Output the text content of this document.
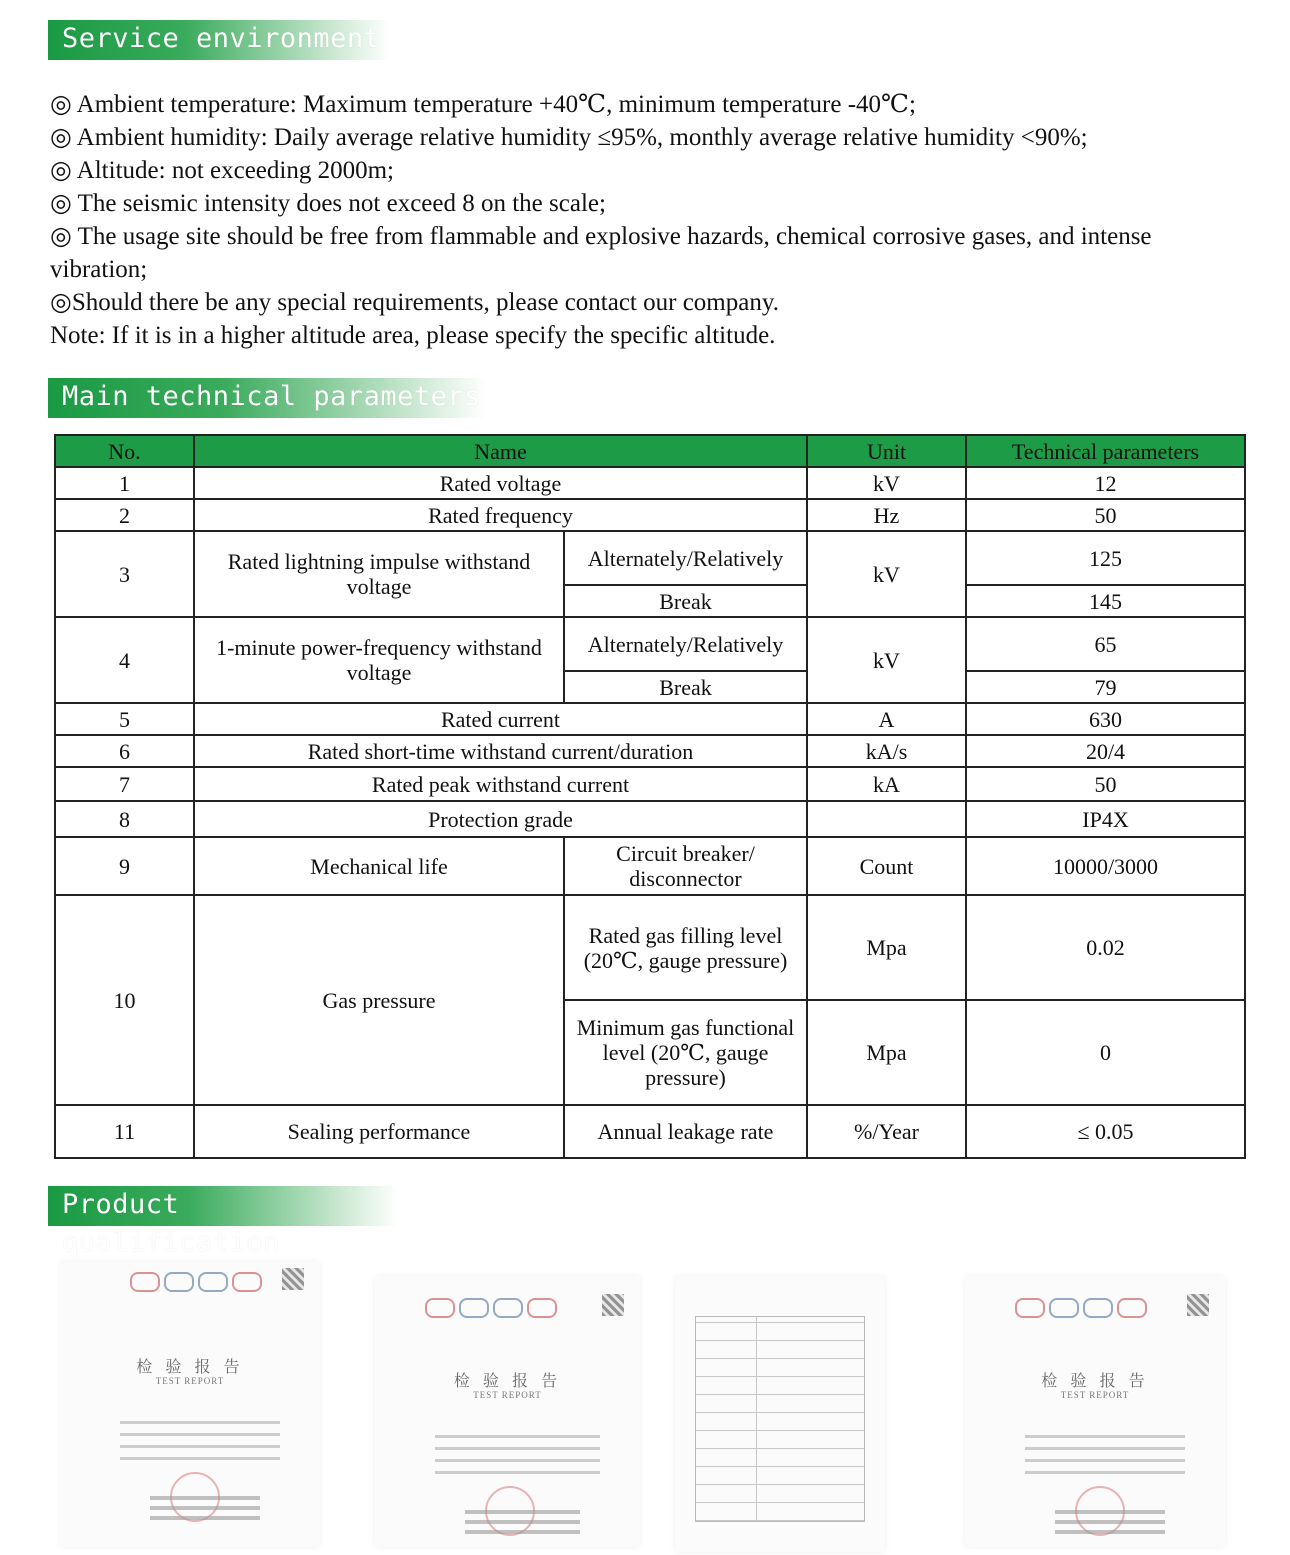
Service environment

◎ Ambient temperature: Maximum temperature +40℃, minimum temperature -40℃;

◎ Ambient humidity: Daily average relative humidity ≤95%, monthly average relative humidity <90%;

◎ Altitude: not exceeding 2000m;

◎ The seismic intensity does not exceed 8 on the scale;

◎ The usage site should be free from flammable and explosive hazards, chemical corrosive gases, and intense vibration;

◎Should there be any special requirements, please contact our company.

Note: If it is in a higher altitude area, please specify the specific altitude.

Main technical parameters
No.	Name		Unit	Technical parameters
1	Rated voltage		kV	12
2	Rated frequency		Hz	50
3	Rated lightning impulse withstand voltage	Alternately/Relatively	kV	125
		Break		145
4	1-minute power-frequency withstand voltage	Alternately/Relatively	kV	65
		Break		79
5	Rated current		A	630
6	Rated short-time withstand current/duration		kA/s	20/4
7	Rated peak withstand current		kA	50
8	Protection grade			IP4X
9	Mechanical life	Circuit breaker/ disconnector	Count	10000/3000
10	Gas pressure	Rated gas filling level (20℃, gauge pressure)	Mpa	0.02
		Minimum gas functional level (20℃, gauge pressure)	Mpa	0
11	Sealing performance	Annual leakage rate	%/Year	≤ 0.05
Product qualification
检 验 报 告
TEST REPORT	检 验 报 告
TEST REPORT
检 验 报 告
TEST REPORT
